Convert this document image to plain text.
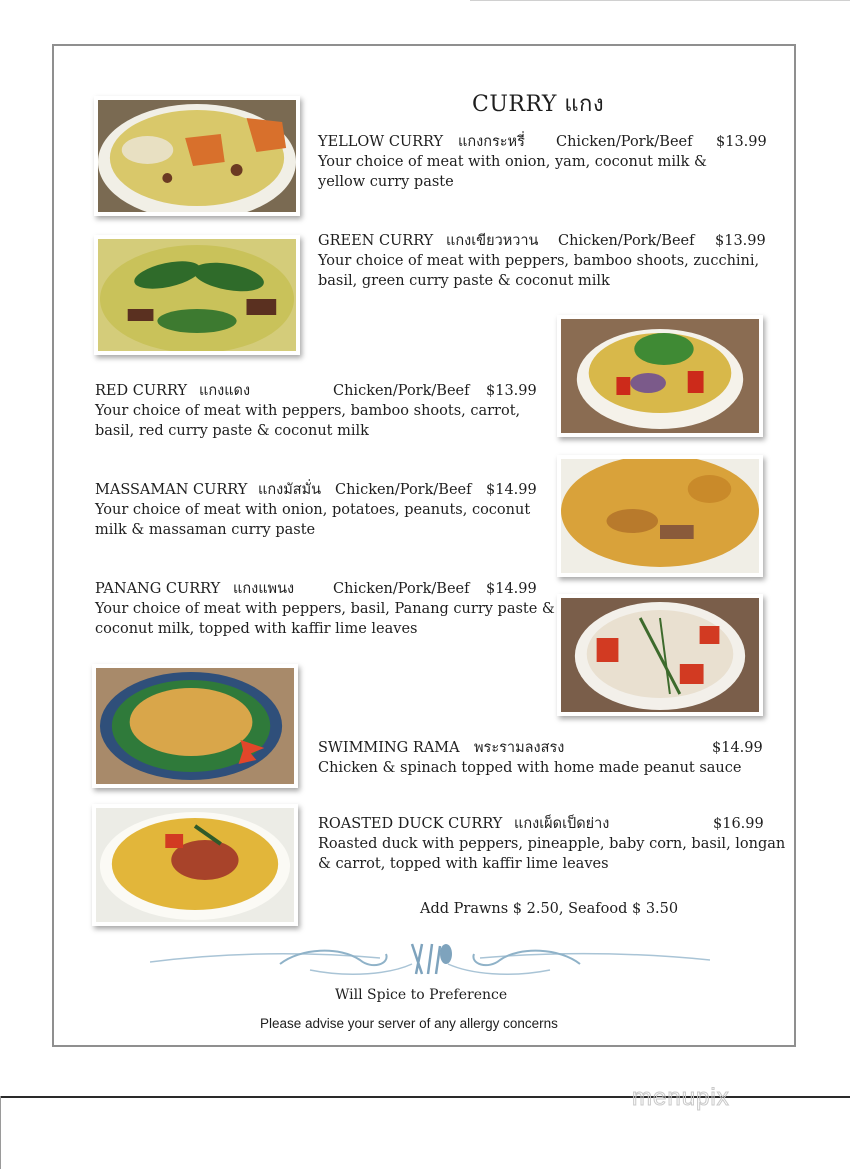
CURRY แกง
YELLOW CURRY แกงกระหรี่ Chicken/Pork/Beef $13.99
Your choice of meat with onion, yam, coconut milk &
yellow curry paste
GREEN CURRY แกงเขียวหวาน Chicken/Pork/Beef $13.99
Your choice of meat with peppers, bamboo shoots, zucchini,
basil, green curry paste & coconut milk
RED CURRY แกงแดง	Chicken/Pork/Beef $13.99
Your choice of meat with peppers, bamboo shoots, carrot,
basil, red curry paste & coconut milk
MASSAMAN CURRY แกงมัสมั่น Chicken/Pork/Beef $14.99
Your choice of meat with onion, potatoes, peanuts, coconut
milk & massaman curry paste
PANANG CURRY แกงแพนง	Chicken/Pork/Beef $14.99
Your choice of meat with peppers, basil, Panang curry paste &
coconut milk, topped with kaffir lime leaves
SWIMMING RAMA พระรามลงสรง	$14.99
Chicken & spinach topped with home made peanut sauce
ROASTED DUCK CURRY แกงเผ็ดเป็ดย่าง	$16.99
Roasted duck with peppers, pineapple, baby corn, basil, longan
& carrot, topped with kaffir lime leaves
Add Prawns $ 2.50, Seafood $ 3.50
Will Spice to Preference
Please advise your server of any allergy concerns
menupix
